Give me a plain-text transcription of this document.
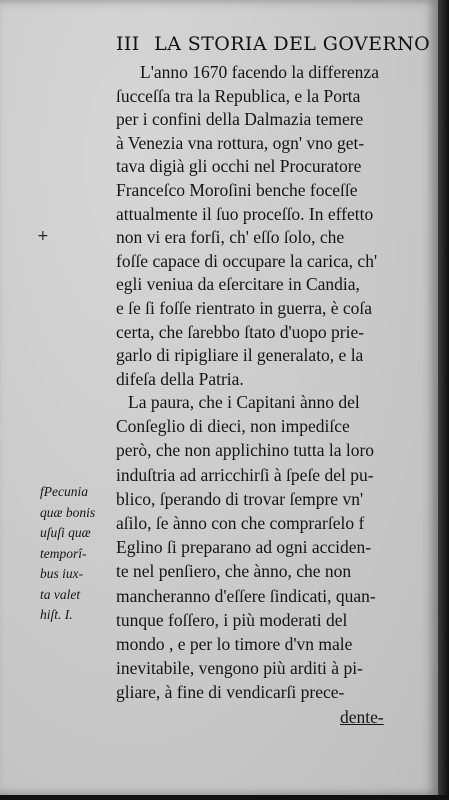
III LA STORIA DEL GOVERNO
L'anno 1670 facendo la differenza
ſucceſſa tra la Republica, e la Porta
per i confini della Dalmazia temere
à Venezia vna rottura, ogn' vno get-
tava digià gli occhi nel Procuratore
Franceſco Moroſini benche foceſſe
attualmente il ſuo proceſſo. In effetto
non vi era forſi, ch' eſſo ſolo, che
foſſe capace di occupare la carica, ch'
egli veniua da eſercitare in Candia,
e ſe ſi foſſe rientrato in guerra, è coſa
certa, che ſarebbo ſtato d'uopo prie-
garlo di ripigliare il generalato, e la
difeſa della Patria.
La paura, che i Capitani ànno del
Conſeglio di dieci, non impediſce
però, che non applichino tutta la loro
induſtria ad arricchirſi à ſpeſe del pu-
blico, ſperando di trovar ſempre vn'
aſilo, ſe ànno con che comprarſelo f
Eglino ſi preparano ad ogni acciden-
te nel penſiero, che ànno, che non
mancheranno d'eſſere ſindicati, quan-
tunque foſſero, i più moderati del
mondo , e per lo timore d'vn male
inevitabile, vengono più arditi à pi-
gliare, à fine di vendicarſi prece-
dente-
fPecunia
quæ bonis
uſuſi quæ
temporî-
bus iux-
ta valet
hiſt. I.
+
